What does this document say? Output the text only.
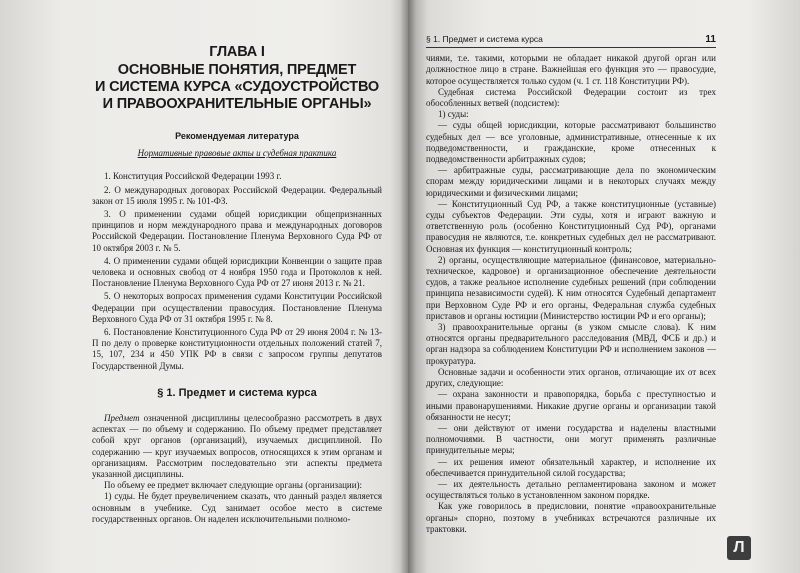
ГЛАВА I
ОСНОВНЫЕ ПОНЯТИЯ, ПРЕДМЕТ
И СИСТЕМА КУРСА «СУДОУСТРОЙСТВО
И ПРАВООХРАНИТЕЛЬНЫЕ ОРГАНЫ»
Рекомендуемая литература
Нормативные правовые акты и судебная практика

1. Конституция Российской Федерации 1993 г.

2. О международных договорах Российской Федерации. Федеральный закон от 15 июля 1995 г. № 101-ФЗ.

3. О применении судами общей юрисдикции общепризнанных принципов и норм международного права и международных договоров Российской Федерации. Постановление Пленума Верховного Суда РФ от 10 октября 2003 г. № 5.

4. О применении судами общей юрисдикции Конвенции о защите прав человека и основных свобод от 4 ноября 1950 года и Протоколов к ней. Постановление Пленума Верховного Суда РФ от 27 июня 2013 г. № 21.

5. О некоторых вопросах применения судами Конституции Российской Федерации при осуществлении правосудия. Постановление Пленума Верховного Суда РФ от 31 октября 1995 г. № 8.

6. Постановление Конституционного Суда РФ от 29 июня 2004 г. № 13-П по делу о проверке конституционности отдельных положений статей 7, 15, 107, 234 и 450 УПК РФ в связи с запросом группы депутатов Государственной Думы.

§ 1. Предмет и система курса

Предмет означенной дисциплины целесообразно рассмотреть в двух аспектах — по объему и содержанию. По объему предмет представляет собой круг органов (организаций), изучаемых дисциплиной. По содержанию — круг изучаемых вопросов, относящихся к этим органам и организациям. Рассмотрим последовательно эти аспекты предмета указанной дисциплины.

По объему ее предмет включает следующие органы (организации):

1) суды. Не будет преувеличением сказать, что данный раздел является основным в учебнике. Суд занимает особое место в системе государственных органов. Он наделен исключительными полномо-

§ 1. Предмет и система курса	11

чиями, т.е. такими, которыми не обладает никакой другой орган или должностное лицо в стране. Важнейшая его функция это — правосудие, которое осуществляется только судом (ч. 1 ст. 118 Конституции РФ).

Судебная система Российской Федерации состоит из трех обособленных ветвей (подсистем):

1) суды:

— суды общей юрисдикции, которые рассматривают большинство судебных дел — все уголовные, административные, отнесенные к их подведомственности, и гражданские, кроме отнесенных к подведомственности арбитражных судов;

— арбитражные суды, рассматривающие дела по экономическим спорам между юридическими лицами и в некоторых случаях между юридическими и физическими лицами;

— Конституционный Суд РФ, а также конституционные (уставные) суды субъектов Федерации. Эти суды, хотя и играют важную и ответственную роль (особенно Конституционный Суд РФ), органами правосудия не являются, т.е. конкретных судебных дел не рассматривают. Основная их функция — конституционный контроль;

2) органы, осуществляющие материальное (финансовое, материально-техническое, кадровое) и организационное обеспечение деятельности судов, а также реальное исполнение судебных решений (при соблюдении принципа независимости судей). К ним относятся Судебный департамент при Верховном Суде РФ и его органы, Федеральная служба судебных приставов и органы юстиции (Министерство юстиции РФ и его органы);

3) правоохранительные органы (в узком смысле слова). К ним относятся органы предварительного расследования (МВД, ФСБ и др.) и орган надзора за соблюдением Конституции РФ и исполнением законов — прокуратура.

Основные задачи и особенности этих органов, отличающие их от всех других, следующие:

— охрана законности и правопорядка, борьба с преступностью и иными правонарушениями. Никакие другие органы и организации такой обязанности не несут;

— они действуют от имени государства и наделены властными полномочиями. В частности, они могут применять различные принудительные меры;

— их решения имеют обязательный характер, и исполнение их обеспечивается принудительной силой государства;

— их деятельность детально регламентирована законом и может осуществляться только в установленном законом порядке.

Как уже говорилось в предисловии, понятие «правоохранительные органы» спорно, поэтому в учебниках встречаются различные их трактовки.

Л
